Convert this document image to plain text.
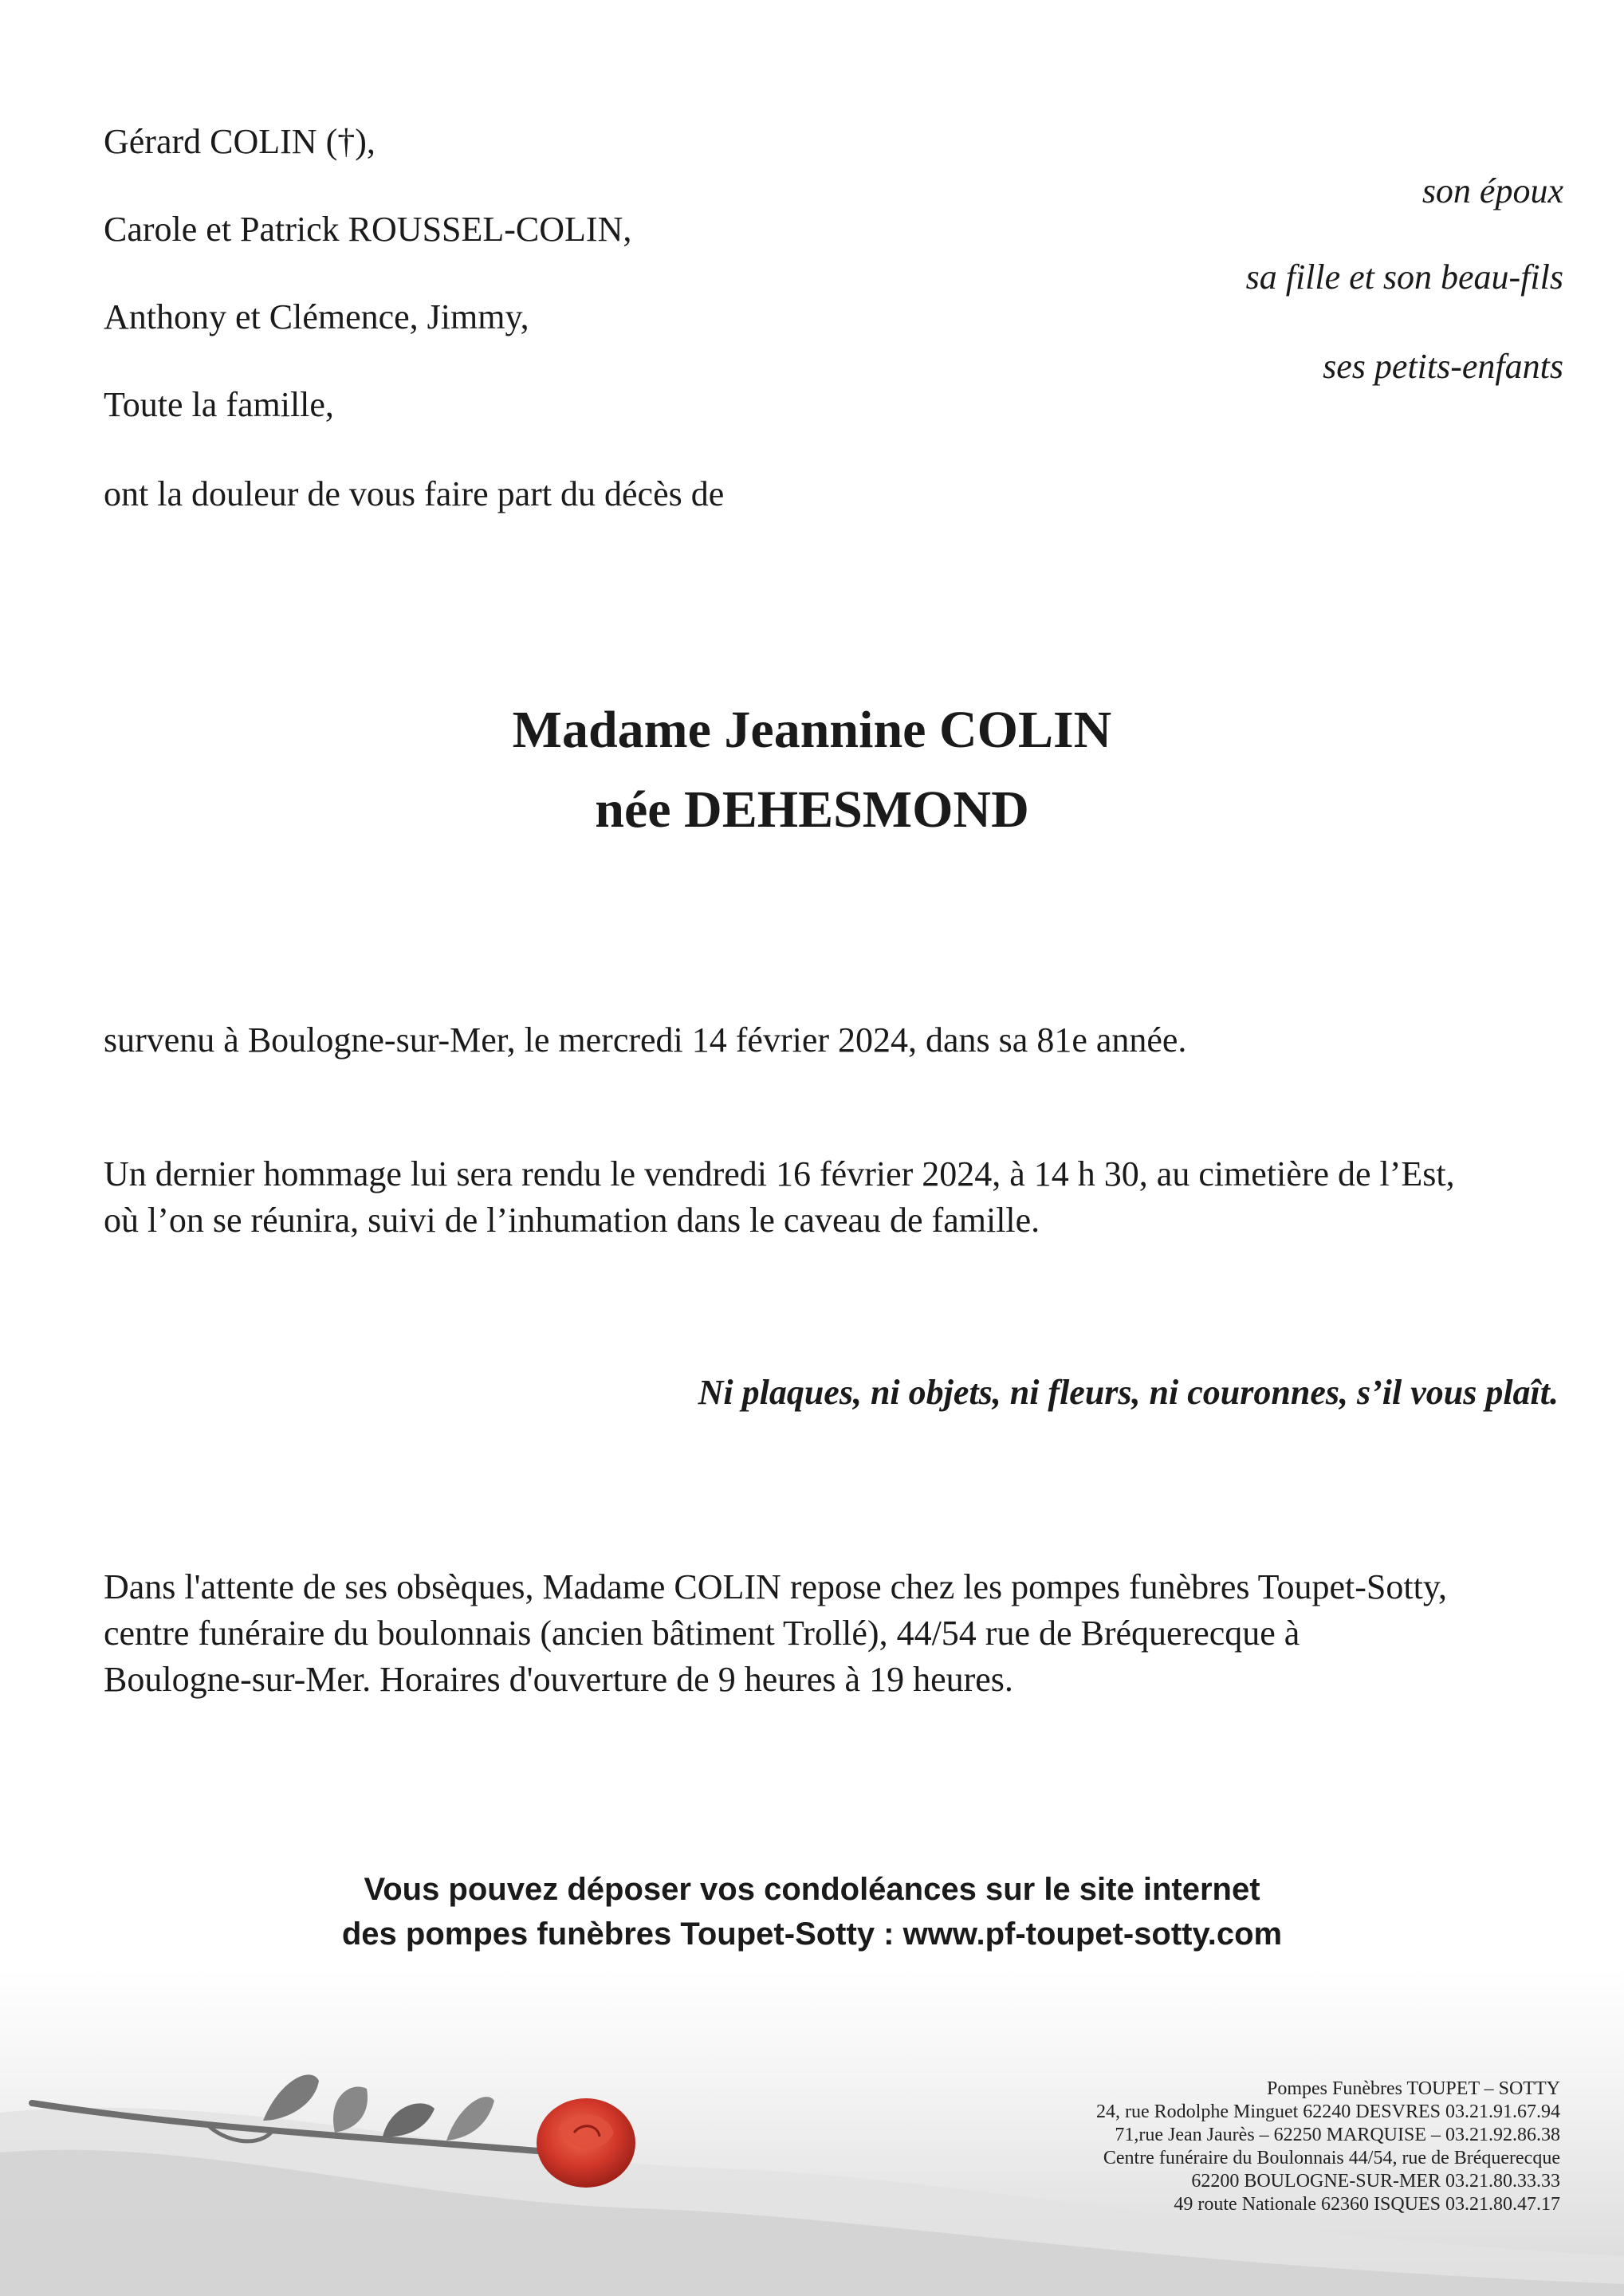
Gérard COLIN (†),
Carole et Patrick ROUSSEL-COLIN,
Anthony et Clémence, Jimmy,
Toute la famille,
ont la douleur de vous faire part du décès de
son époux
sa fille et son beau-fils
ses petits-enfants
Madame Jeannine COLIN
née DEHESMOND
survenu à Boulogne-sur-Mer, le mercredi 14 février 2024, dans sa 81e année.
Un dernier hommage lui sera rendu le vendredi 16 février 2024, à 14 h 30, au cimetière de l’Est,
où l’on se réunira, suivi de l’inhumation dans le caveau de famille.
Ni plaques, ni objets, ni fleurs, ni couronnes, s’il vous plaît.
Dans l'attente de ses obsèques, Madame COLIN repose chez les pompes funèbres Toupet-Sotty,
centre funéraire du boulonnais (ancien bâtiment Trollé), 44/54 rue de Bréquerecque à
Boulogne-sur-Mer. Horaires d'ouverture de 9 heures à 19 heures.
Vous pouvez déposer vos condoléances sur le site internet
des pompes funèbres Toupet-Sotty : www.pf-toupet-sotty.com
Pompes Funèbres TOUPET – SOTTY
24, rue Rodolphe Minguet 62240 DESVRES 03.21.91.67.94
71,rue Jean Jaurès – 62250 MARQUISE – 03.21.92.86.38
Centre funéraire du Boulonnais 44/54, rue de Bréquerecque
62200 BOULOGNE-SUR-MER 03.21.80.33.33
49 route Nationale 62360 ISQUES 03.21.80.47.17
